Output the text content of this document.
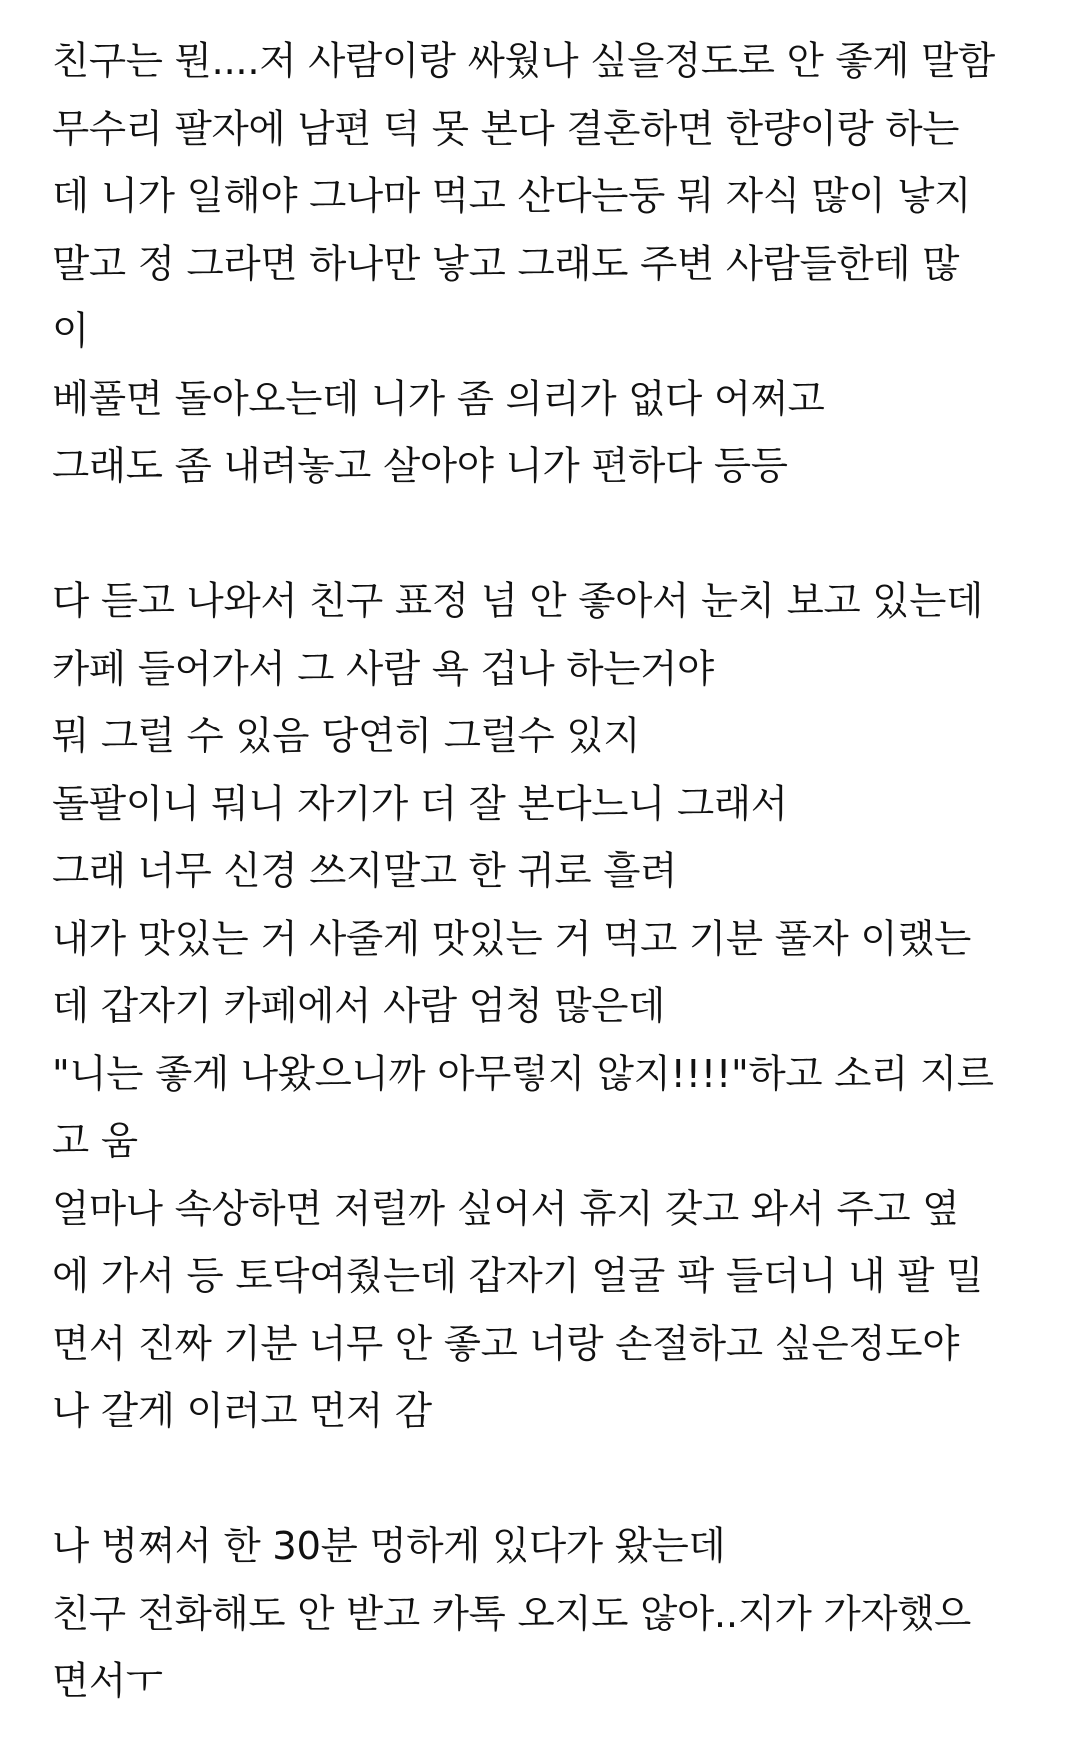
친구는 뭔....저 사람이랑 싸웠나 싶을정도로 안 좋게 말함
무수리 팔자에 남편 덕 못 본다 결혼하면 한량이랑 하는
데 니가 일해야 그나마 먹고 산다는둥 뭐 자식 많이 낳지
말고 정 그라면 하나만 낳고 그래도 주변 사람들한테 많
이
베풀면 돌아오는데 니가 좀 의리가 없다 어쩌고
그래도 좀 내려놓고 살아야 니가 편하다 등등
다 듣고 나와서 친구 표정 넘 안 좋아서 눈치 보고 있는데
카페 들어가서 그 사람 욕 겁나 하는거야
뭐 그럴 수 있음 당연히 그럴수 있지
돌팔이니 뭐니 자기가 더 잘 본다느니 그래서
그래 너무 신경 쓰지말고 한 귀로 흘려
내가 맛있는 거 사줄게 맛있는 거 먹고 기분 풀자 이랬는
데 갑자기 카페에서 사람 엄청 많은데
"니는 좋게 나왔으니까 아무렇지 않지!!!!"하고 소리 지르
고 움
얼마나 속상하면 저럴까 싶어서 휴지 갖고 와서 주고 옆
에 가서 등 토닥여줬는데 갑자기 얼굴 팍 들더니 내 팔 밀
면서 진짜 기분 너무 안 좋고 너랑 손절하고 싶은정도야
나 갈게 이러고 먼저 감
나 벙쪄서 한 30분 멍하게 있다가 왔는데
친구 전화해도 안 받고 카톡 오지도 않아..지가 가자했으
면서ㅜ
